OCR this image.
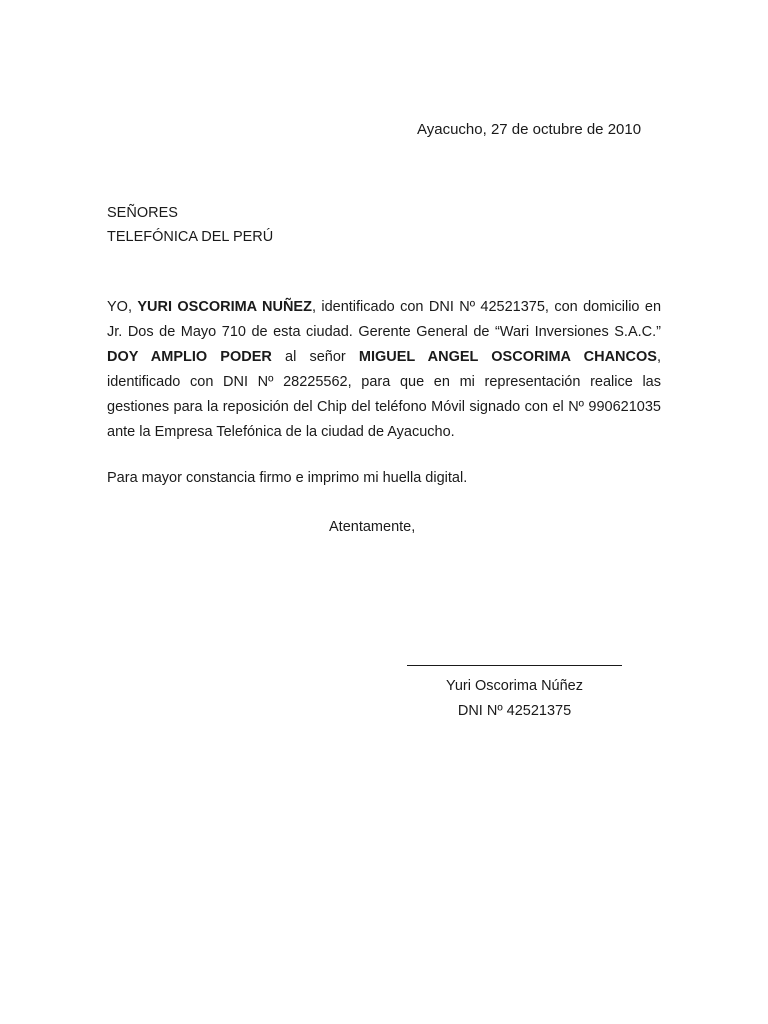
Ayacucho, 27 de octubre de 2010
SEÑORES
TELEFÓNICA DEL PERÚ

YO, YURI OSCORIMA NUÑEZ, identificado con DNI Nº 42521375, con domicilio en Jr. Dos de Mayo 710 de esta ciudad. Gerente General de “Wari Inversiones S.A.C.” DOY AMPLIO PODER al señor MIGUEL ANGEL OSCORIMA CHANCOS, identificado con DNI Nº 28225562, para que en mi representación realice las gestiones para la reposición del Chip del teléfono Móvil signado con el Nº 990621035 ante la Empresa Telefónica de la ciudad de Ayacucho.

Para mayor constancia firmo e imprimo mi huella digital.

Atentamente,
Yuri Oscorima Núñez
DNI Nº 42521375
